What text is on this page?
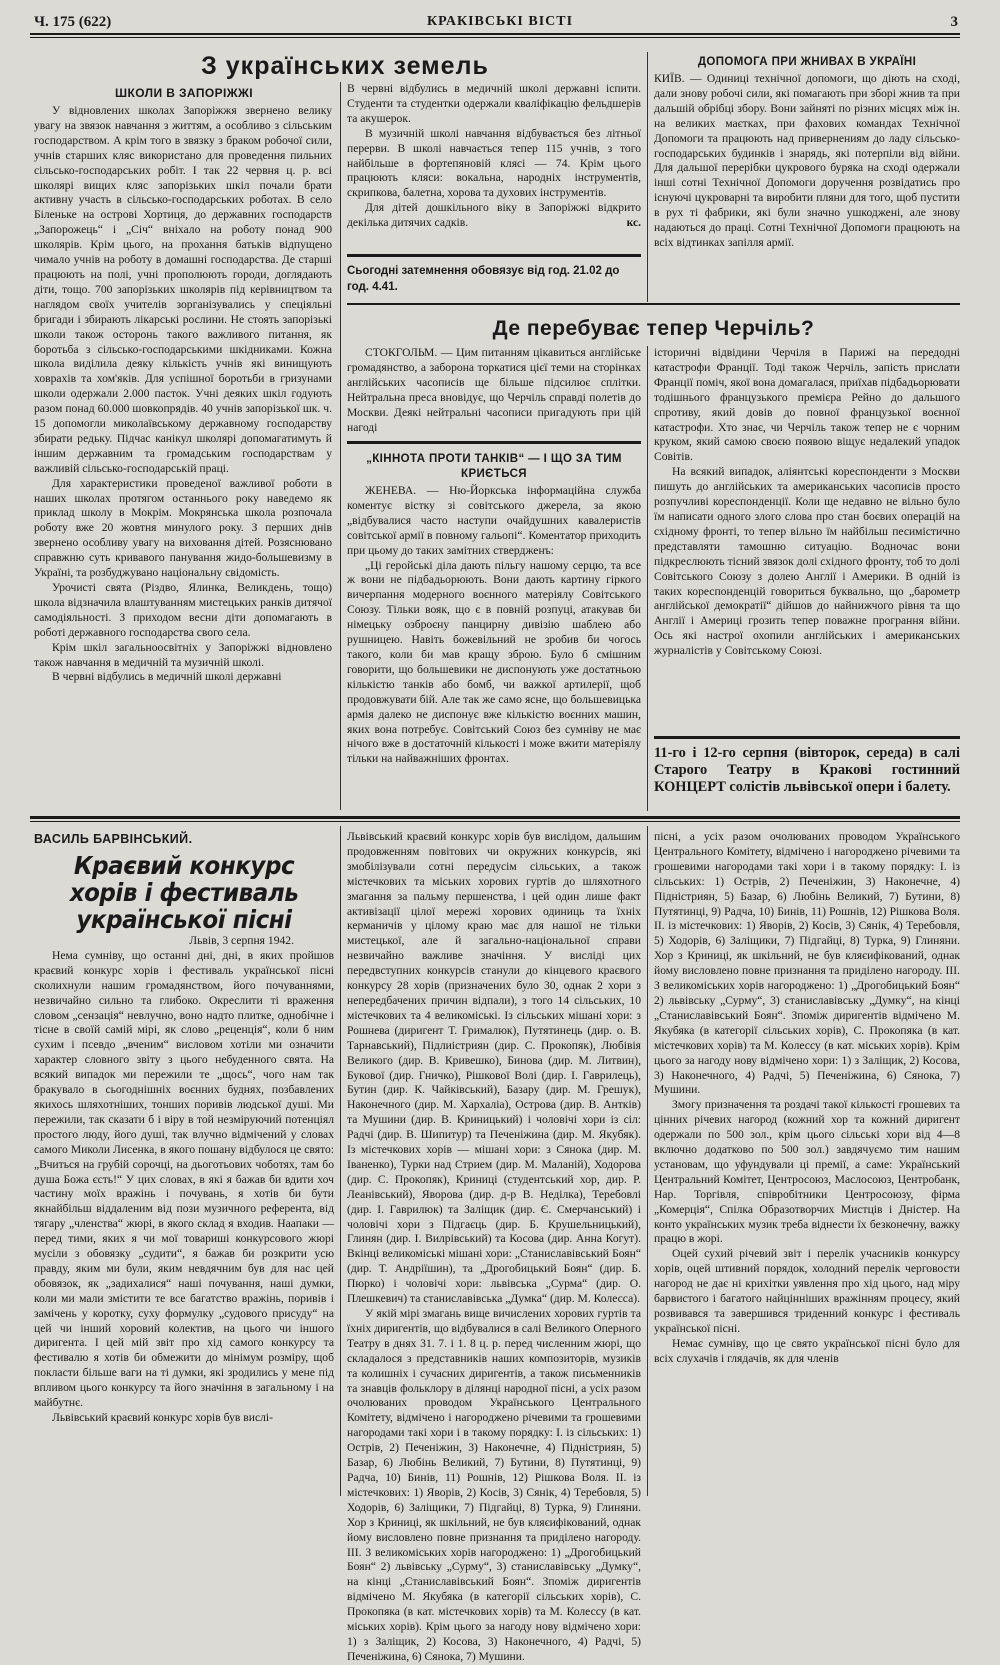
Ч. 175 (622)	КРАКІВСЬКІ ВІСТІ	3
З українських земель
ШКОЛИ В ЗАПОРІЖЖІ

У відновлених школах Запоріжжя звернено велику увагу на звязок навчання з життям, а особливо з сільським господарством. А крім того в звязку з браком робочої сили, учнів старших кляс використано для проведення пильних сільсько-господарських робіт. І так 22 червня ц. р. всі школярі вищих кляс запорізьких шкіл почали брати активну участь в сільсько-господарських роботах. В село Біленьке на острові Хортиця, до державних господарств „Запорожець“ і „Січ“ вніхало на роботу понад 900 школярів. Крім цього, на прохання батьків відпущено чимало учнів на роботу в домашні господарства. Де старші працюють на полі, учні прополюють городи, доглядають діти, тощо. 700 запорізьких школярів під керівництвом та наглядом своїх учителів зорганізувались у спеціяльні бригади і збирають лікарські рослини. Не стоять запорізькі школи також осторонь такого важливого питання, як боротьба з сільсько-господарськими шкідниками. Кожна школа виділила деяку кількість учнів які винищують ховрахів та хом'яків. Для успішної боротьби в гризунами школи одержали 2.000 пасток. Учні деяких шкіл годують разом понад 60.000 шовкопрядів. 40 учнів запорізької шк. ч. 15 допомогли миколаївському державному господарству збирати редьку. Підчас канікул школярі допомагатимуть й іншим державним та громадським господарствам у важливій сільсько-господарській праці.

Для характеристики проведеної важливої роботи в наших школах протягом останнього року наведемо як приклад школу в Мокрім. Мокрянська школа розпочала роботу вже 20 жовтня минулого року. З перших днів звернено особливу увагу на виховання дітей. Розяснювано справжню суть кривавого панування жидо-большевизму в Україні, та розбуджувано національну свідомість.

Урочисті свята (Різдво, Ялинка, Великдень, тощо) школа відзначила влаштуванням мистецьких ранків дитячої самодіяльності. З приходом весни діти допомагають в роботі державного господарства свого села.

Крім шкіл загальноосвітніх у Запоріжжі відновлено також навчання в медичній та музичній школі.

В червні відбулись в медичній школі державні

В червні відбулись в медичній школі державні іспити. Студенти та студентки одержали кваліфікацію фельдшерів та акушерок.

В музичній школі навчання відбувається без літньої перерви. В школі навчається тепер 115 учнів, з того найбільше в фортепяновій клясі — 74. Крім цього працюють кляси: вокальна, народніх інструментів, скрипкова, балетна, хорова та духових інструментів.

Для дітей дошкільного віку в Запоріжжі відкрито декілька дитячих садків.	кс.

Сьогодні затемнення обовязує від год. 21.02 до год. 4.41.
ДОПОМОГА ПРИ ЖНИВАХ В УКРАЇНІ

КИЇВ. — Одиниці технічної допомоги, що діють на сході, дали знову робочі сили, які помагають при зборі жнив та при дальшій обрібці збору. Вони зайняті по різних місцях між ін. на великих маєтках, при фахових командах Технічної Допомоги та працюють над привернениям до ладу сільсько-господарських будинків і знарядь, які потерпіли від війни. Для дальшої перерібки цукрового буряка на сході одержали інші сотні Технічної Допомоги доручення розвідатись про існуючі цукроварні та виробити пляни для того, щоб пустити в рух ті фабрики, які були значно ушкоджені, але знову надаються до праці. Сотні Технічної Допомоги працюють на всіх відтинках запілля армії.

Де перебуває тепер Черчіль?

СТОКГОЛЬМ. — Цим питанням цікавиться англійське громадянство, а заборона торкатися цієї теми на сторінках англійських часописів ще більше підсилює сплітки. Нейтральна преса вновідує, що Черчіль справді полетів до Москви. Деякі нейтральні часописи пригадують при цій нагоді

історичні відвідини Черчіля в Парижі на передодні катастрофи Франції. Тоді також Черчіль, запість прислати Франції поміч, якої вона домагалася, приїхав підбадьорювати тодішнього французького премієра Рейно до дальшого спротиву, який довів до повної французької воєнної катастрофи. Хто знає, чи Черчіль також тепер не є чорним круком, який самою своєю появою віщує недалекий упадок Совітів.

На всякий випадок, аліянтські кореспонденти з Москви пишуть до англійських та американських часописів просто розпучливі кореспонденції. Коли ще недавно не вільно було їм написати одного злого слова про стан боєвих операцій на східному фронті, то тепер вільно їм найбільш песимістично представляти тамошню ситуацію. Водночас вони підкреслюють тісний звязок долі східного фронту, тоб то долі Совітського Союзу з долею Англії і Америки. В одній із таких кореспонденцій говориться буквально, що „барометр англійської демократії“ дійшов до найнижчого рівня та що Англії і Америці грозить тепер поважне програння війни. Ось які настрої охопили англійських і американських журналістів у Совітському Союзі.

„КІННОТА ПРОТИ ТАНКІВ“ — І ЩО ЗА ТИМ КРИЄТЬСЯ

ЖЕНЕВА. — Ню-Йоркська інформаційна служба коментує вістку зі совітського джерела, за якою „відбувалися часто наступи очайдушних кавалеристів совітської армії в повному гальопі“. Коментатор приходить при цьому до таких замітних ствердженъ:

„Ці геройські діла дають пільгу нашому серцю, та все ж вони не підбадьорюють. Вони дають картину гіркого вичерпання модерного воєнного матеріялу Совітського Союзу. Тільки вояк, що є в повній розпуці, атакував би німецьку озброєну панцирну дивізію шаблею або рушницею. Навіть божевільний не зробив би чогось такого, коли би мав кращу зброю. Було б смішним говорити, що большевики не диспонують уже достатньою кількістю танків або бомб, чи важкої артилерії, щоб продовжувати бій. Але так же само ясне, що большевицька армія далеко не диспонує вже кількістю воєнних машин, яких вона потребує. Совітський Союз без сумніву не має нічого вже в достаточній кількості і може вжити матеріялу тільки на найважніших фронтах.	11-го і 12-го серпня (вівторок, середа) в салі Старого Театру в Кракові гостинний КОНЦЕРТ солістів львівської опери і балету.
ВАСИЛЬ БАРВІНСЬКИЙ.
Краєвий конкурс хорів і фестиваль української пісні

Львів, 3 серпня 1942.

Нема сумніву, що останні дні, дні, в яких пройшов краєвий конкурс хорів і фестиваль української пісні сколихнули нашим громадянством, його почуваннями, незвичайно сильно та глибоко. Окреслити ті враження словом „сензація“ невлучно, воно надто плитке, однобічне і тісне в своїй самій мірі, як слово „реценція“, коли б ним сухим і псевдо „вченим“ висловом хотіли ми означити характер словного звіту з цього небуденного свята. На всякий випадок ми пережили те „щось“, чого нам так бракувало в сьогоднішніх воєнних буднях, позбавлених якихось шляхотніших, тонших поривів людської душі. Ми пережили, так сказати б і віру в той незміруючий потенціял простого люду, його душі, так влучно відмічений у словах самого Миколи Лисенка, в якого пошану відбулося це свято: „Вчиться на грубій сорочці, на дьоготьових чоботях, там бо душа Божа єсть!“ У цих словах, в які я бажав би вдити хоч частину моїх вражінь і почувань, я хотів би бути якнайбільш віддаленим від пози музичного референта, від тягару „членства“ жюрі, в якого склад я входив. Наапаки — перед тими, яких я чи мої товариші конкурсового жюрі мусіли з обовязку „судити“, я бажав би розкрити усю правду, яким ми були, яким невдячним був для нас цей обовязок, як „задихалися“ наші почування, наші думки, коли ми мали змістити те все багатство вражінь, поривів і замічень у коротку, суху формулку „судового присуду“ на цей чи інший хоровий колектив, на цього чи іншого диригента. І цей мій звіт про хід самого конкурсу та фестивалю я хотів би обмежити до мінімум розміру, щоб покласти більше ваги на ті думки, які зродились у мене під впливом цього конкурсу та його значіння в загальному і на майбутнє.

Львівський краєвий конкурс хорів був вислі-

Львівський краєвий конкурс хорів був вислідом, дальшим продовженням повітових чи окружних конкурсів, які змобілізували сотні передусім сільських, а також містечкових та міських хорових гуртів до шляхотного змагання за пальму першенства, і цей один лише факт активізації цілої мережі хорових одиниць та їхніх керманичів у цілому краю має для нашої не тільки мистецької, але й загально-національної справи незвичайно важливе значіння. У висліді цих передвступних конкурсів станули до кінцевого краєвого конкурсу 28 хорів (призначених було 30, однак 2 хори з непередбачених причин відпали), з того 14 сільських, 10 містечкових та 4 великоміські. Із сільських мішані хори: з Рошнева (диригент Т. Грималюк), Путятинець (дир. о. В. Тарнавський), Підлиістриян (дир. С. Прокопяк), Любівія Великого (дир. В. Кривешко), Бинова (дир. М. Литвин), Букової (дир. Гничко), Рішкової Волі (дир. І. Гаврилець), Бутин (дир. К. Чайківський), Базару (дир. М. Грешук), Наконечного (дир. М. Хархаліа), Острова (дир. В. Антків) та Мушини (дир. В. Криницький) і чоловічі хори із сіл: Радчі (дир. В. Шипитур) та Печеніжина (дир. М. Якубяк). Із містечкових хорів — мішані хори: з Сянока (дир. М. Іваненко), Турки над Стрием (дир. М. Маланій), Ходорова (дир. С. Прокопяк), Криниці (студентський хор, дир. Р. Леанівський), Яворова (дир. д-р В. Неділка), Теребовлі (дир. І. Гаврилюк) та Заліщик (дир. Є. Смерчанський) і чоловічі хори з Підгаєць (дир. Б. Крушельницький), Глинян (дир. І. Вилрівський) та Косова (дир. Анна Когут). Вкінці великоміські мішані хори: „Станиславівський Боян“ (дир. Т. Андріїшин), та „Дрогобицький Боян“ (дир. Б. Пюрко) і чоловічі хори: львівська „Сурма“ (дир. О. Плешкевич) та станиславівська „Думка“ (дир. М. Колесса).

У якій мірі змагань вище вичислених хорових гуртів та їхніх диригентів, що відбувалися в салі Великого Оперного Театру в днях 31. 7. і 1. 8 ц. р. перед численним жюрі, що складалося з представників наших композиторів, музиків та колишніх і сучасних диригентів, а також письменників та знавців фольклору в ділянці народної пісні, а усіх разом очолюваних проводом Українського Центрального Комітету, відмічено і нагороджено річевими та грошевими нагородами такі хори і в такому порядку: І. із сільських: 1) Острів, 2) Печеніжин, 3) Наконечне, 4) Підністриян, 5) Базар, 6) Любінь Великий, 7) Бутини, 8) Путятинці, 9) Радча, 10) Бинів, 11) Рошнів, 12) Рішкова Воля. ІІ. із містечкових: 1) Яворів, 2) Косів, 3) Сянік, 4) Теребовля, 5) Ходорів, 6) Заліщики, 7) Підгайці, 8) Турка, 9) Глиняни. Хор з Криниці, як шкільний, не був кляєифікований, однак йому висловлено повне признання та приділено нагороду. ІІІ. З великоміських хорів нагороджено: 1) „Дрогобицький Боян“ 2) львівську „Сурму“, 3) станиславівську „Думку“, на кінці „Станиславівський Боян“. Зпоміж диригентів відмічено М. Якубяка (в категорії сільських хорів), С. Прокопяка (в кат. містечкових хорів) та М. Колессу (в кат. міських хорів). Крім цього за нагоду нову відмічено хори: 1) з Заліщик, 2) Косова, 3) Наконечного, 4) Радчі, 5) Печеніжина, 6) Сянока, 7) Мушини.

пісні, а усіх разом очолюваних проводом Українського Центрального Комітету, відмічено і нагороджено річевими та грошевими нагородами такі хори і в такому порядку: І. із сільських: 1) Острів, 2) Печеніжин, 3) Наконечне, 4) Підністриян, 5) Базар, 6) Любінь Великий, 7) Бутини, 8) Путятинці, 9) Радча, 10) Бинів, 11) Рошнів, 12) Рішкова Воля. ІІ. із містечкових: 1) Яворів, 2) Косів, 3) Сянік, 4) Теребовля, 5) Ходорів, 6) Заліщики, 7) Підгайці, 8) Турка, 9) Глиняни. Хор з Криниці, як шкільний, не був кляєифікований, однак йому висловлено повне признання та приділено нагороду. ІІІ. З великоміських хорів нагороджено: 1) „Дрогобицький Боян“ 2) львівську „Сурму“, 3) станиславівську „Думку“, на кінці „Станиславівський Боян“. Зпоміж диригентів відмічено М. Якубяка (в категорії сільських хорів), С. Прокопяка (в кат. містечкових хорів) та М. Колессу (в кат. міських хорів). Крім цього за нагоду нову відмічено хори: 1) з Заліщик, 2) Косова, 3) Наконечного, 4) Радчі, 5) Печеніжина, 6) Сянока, 7) Мушини.

Змогу призначення та роздачі такої кількості грошевих та цінних річевих нагород (кожний хор та кожний диригент одержали по 500 зол., крім цього сільські хори від 4—8 включно додатково по 500 зол.) завдячуємо тим нашим установам, що уфундували ці премії, а саме: Український Центральний Комітет, Центросоюз, Маслосоюз, Центробанк, Нар. Торгівля, співробітники Центросоюзу, фірма „Комерція“, Спілка Образотворчих Мистців і Дністер. На конто українських музик треба віднести їх безконечну, важку працю в жорі.

Оцей сухий річевий звіт і перелік учасників конкурсу хорів, оцей штивний порядок, холодний перелік черговости нагород не дає ні крихітки уявлення про хід цього, над міру барвистого і багатого найцінніших вражінням процесу, який розвивався та завершився триденний конкурс і фестиваль української пісні.

Немає сумніву, що це свято української пісні було для всіх слухачів і глядачів, як для членів
